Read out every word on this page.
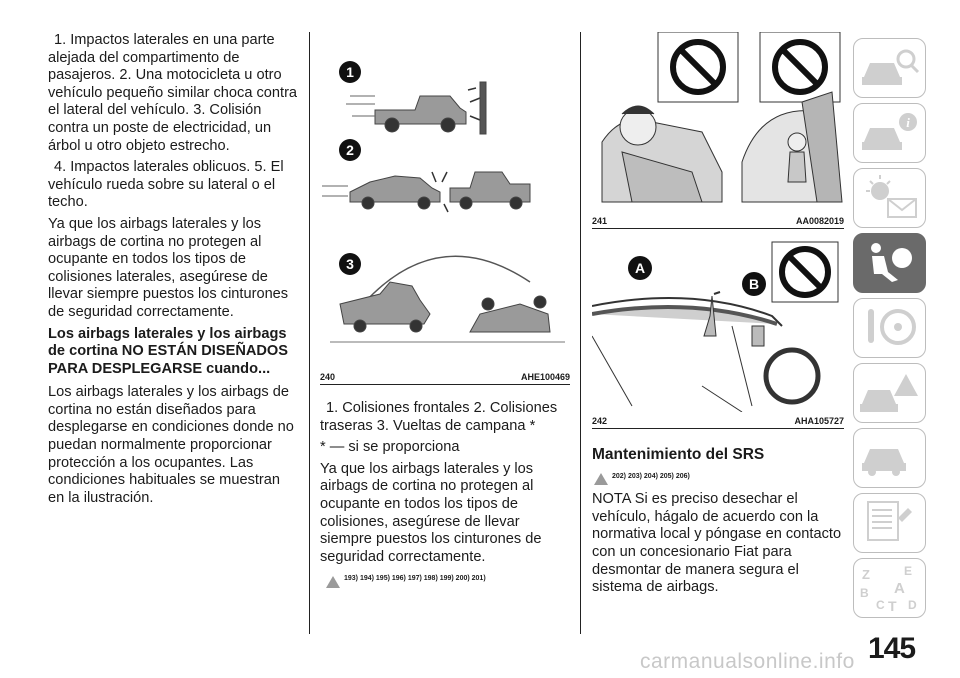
1. Impactos laterales en una parte alejada del compartimento de pasajeros. 2. Una motocicleta u otro vehículo pequeño similar choca contra el lateral del vehículo. 3. Colisión contra un poste de electricidad, un árbol u otro objeto estrecho.

4. Impactos laterales oblicuos. 5. El vehículo rueda sobre su lateral o el techo.

Ya que los airbags laterales y los airbags de cortina no protegen al ocupante en todos los tipos de colisiones laterales, asegúrese de llevar siempre puestos los cinturones de seguridad correctamente.

Los airbags laterales y los airbags de cortina NO ESTÁN DISEÑADOS PARA DESPLEGARSE cuando...

Los airbags laterales y los airbags de cortina no están diseñados para desplegarse en condiciones donde no puedan normalmente proporcionar protección a los ocupantes. Las condiciones habituales se muestran en la ilustración.

1
2
3
240	AHE100469

1. Colisiones frontales 2. Colisiones traseras 3. Vueltas de campana *

* — si se proporciona

Ya que los airbags laterales y los airbags de cortina no protegen al ocupante en todos los tipos de colisiones, asegúrese de llevar siempre puestos los cinturones de seguridad correctamente.

193) 194) 195) 196) 197) 198) 199) 200) 201)
241	AA0082019
A
B
242	AHA105727
Mantenimiento del SRS
202) 203) 204) 205) 206)

NOTA Si es preciso desechar el vehículo, hágalo de acuerdo con la normativa local y póngase en contacto con un concesionario Fiat para desmontar de manera segura el sistema de airbags.

i
Z	E
A
B
C T D
145
carmanualsonline.info
